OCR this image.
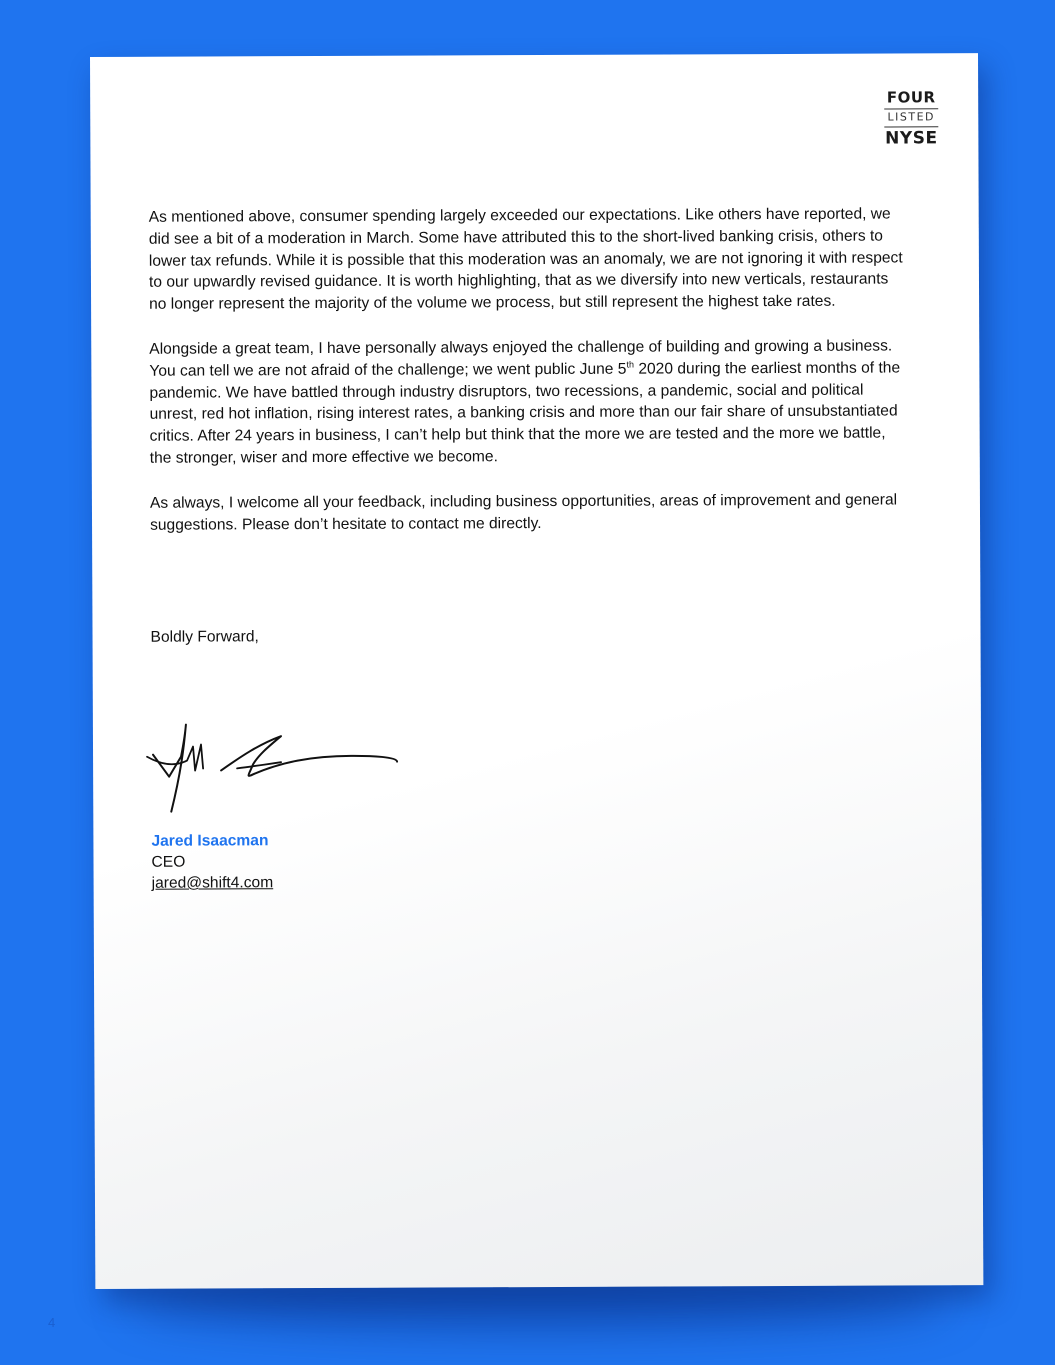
FOUR
LISTED
NYSE

As mentioned above, consumer spending largely exceeded our expectations. Like others have reported, we did see a bit of a moderation in March. Some have attributed this to the short-lived banking crisis, others to lower tax refunds. While it is possible that this moderation was an anomaly, we are not ignoring it with respect to our upwardly revised guidance. It is worth highlighting, that as we diversify into new verticals, restaurants no longer represent the majority of the volume we process, but still represent the highest take rates.

Alongside a great team, I have personally always enjoyed the challenge of building and growing a business. You can tell we are not afraid of the challenge; we went public June 5th 2020 during the earliest months of the pandemic. We have battled through industry disruptors, two recessions, a pandemic, social and political unrest, red hot inflation, rising interest rates, a banking crisis and more than our fair share of unsubstantiated critics. After 24 years in business, I can’t help but think that the more we are tested and the more we battle, the stronger, wiser and more effective we become.

As always, I welcome all your feedback, including business opportunities, areas of improvement and general suggestions. Please don’t hesitate to contact me directly.

Boldly Forward,
Jared Isaacman
CEO
jared@shift4.com
4
